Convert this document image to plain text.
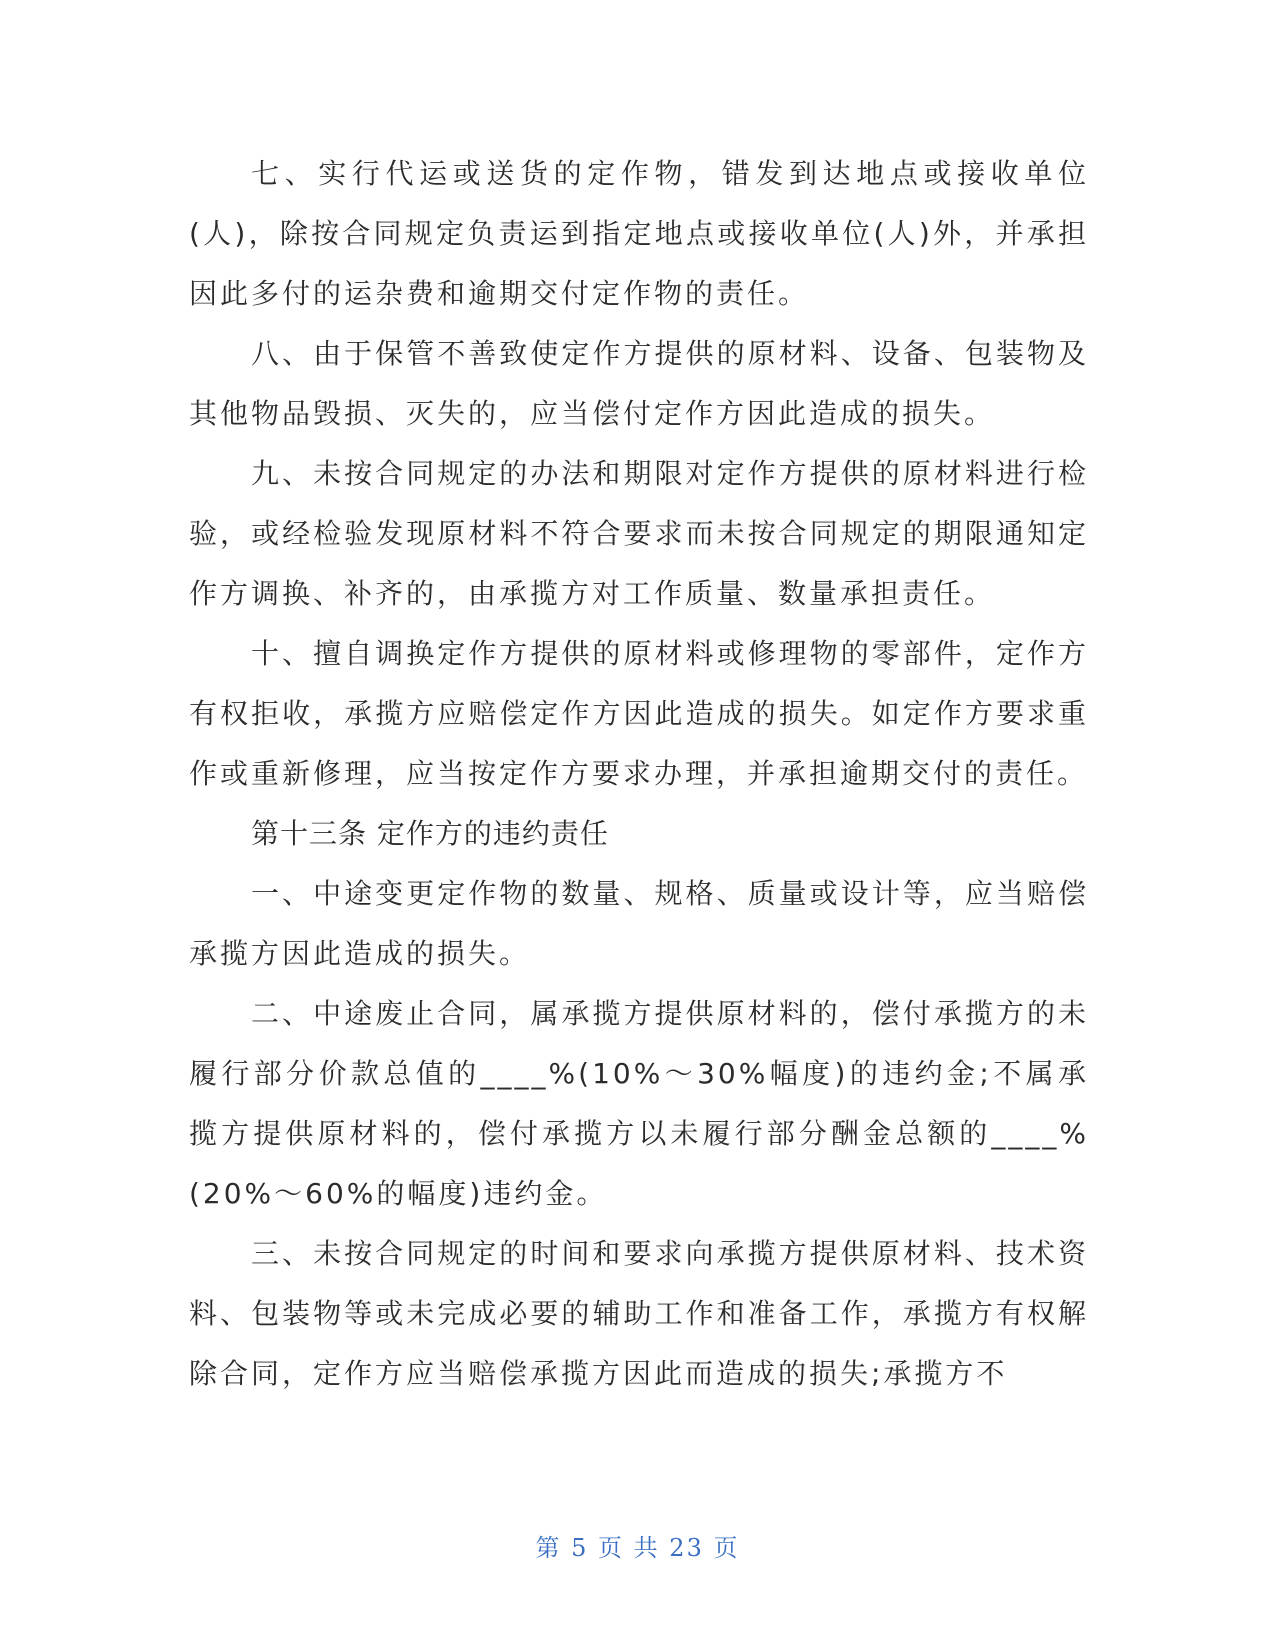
七、实行代运或送货的定作物，错发到达地点或接收单位(人)，除按合同规定负责运到指定地点或接收单位(人)外，并承担因此多付的运杂费和逾期交付定作物的责任。

八、由于保管不善致使定作方提供的原材料、设备、包装物及其他物品毁损、灭失的，应当偿付定作方因此造成的损失。

九、未按合同规定的办法和期限对定作方提供的原材料进行检验，或经检验发现原材料不符合要求而未按合同规定的期限通知定作方调换、补齐的，由承揽方对工作质量、数量承担责任。

十、擅自调换定作方提供的原材料或修理物的零部件，定作方有权拒收，承揽方应赔偿定作方因此造成的损失。如定作方要求重作或重新修理，应当按定作方要求办理，并承担逾期交付的责任。

第十三条 定作方的违约责任

一、中途变更定作物的数量、规格、质量或设计等，应当赔偿承揽方因此造成的损失。

二、中途废止合同，属承揽方提供原材料的，偿付承揽方的未履行部分价款总值的____%(10%～30%幅度)的违约金;不属承揽方提供原材料的，偿付承揽方以未履行部分酬金总额的____%(20%～60%的幅度)违约金。

三、未按合同规定的时间和要求向承揽方提供原材料、技术资料、包装物等或未完成必要的辅助工作和准备工作，承揽方有权解除合同，定作方应当赔偿承揽方因此而造成的损失;承揽方不

第 5 页 共 23 页
